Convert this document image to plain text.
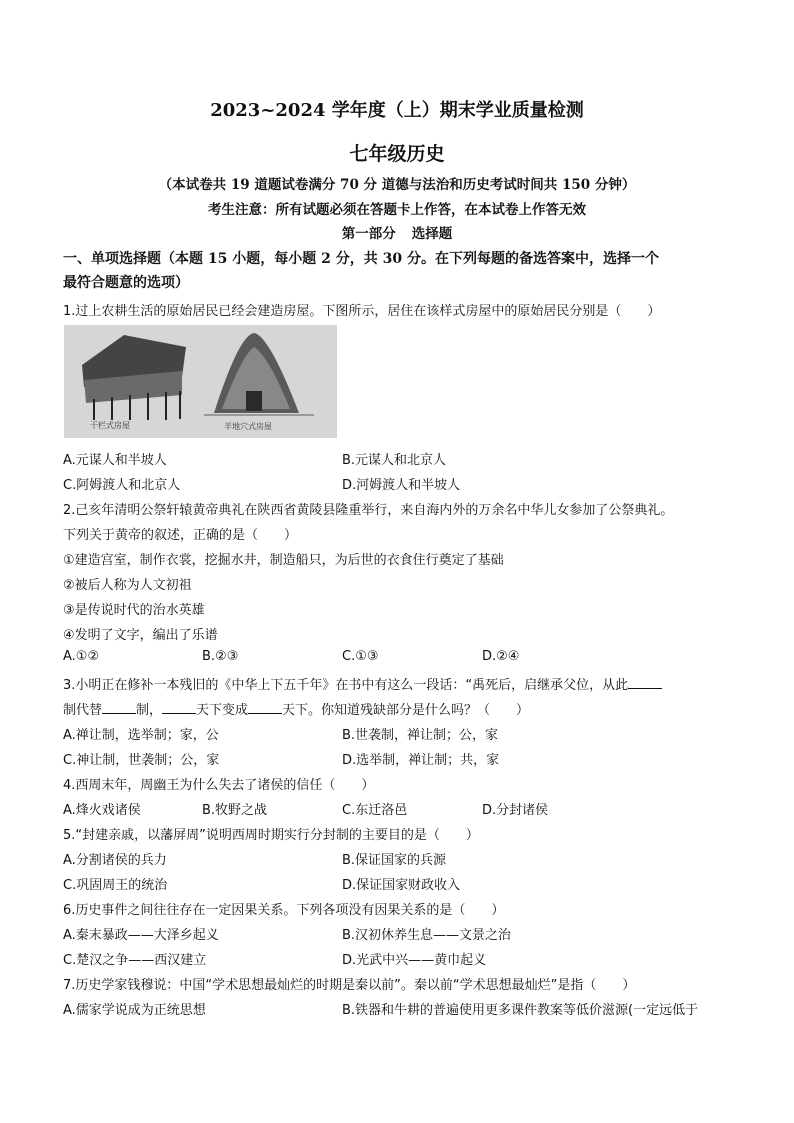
2023~2024 学年度（上）期末学业质量检测
七年级历史
（本试卷共 19 道题试卷满分 70 分 道德与法治和历史考试时间共 150 分钟）
考生注意：所有试题必须在答题卡上作答，在本试卷上作答无效
第一部分 选择题
一、单项选择题（本题 15 小题，每小题 2 分，共 30 分。在下列每题的备选答案中，选择一个
最符合题意的选项）
1.过上农耕生活的原始居民已经会建造房屋。下图所示，居住在该样式房屋中的原始居民分别是（　　）
干栏式房屋	半地穴式房屋
A.元谋人和半坡人	B.元谋人和北京人
C.阿姆渡人和北京人	D.河姆渡人和半坡人
2.己亥年清明公祭轩辕黄帝典礼在陕西省黄陵县隆重举行，来自海内外的万余名中华儿女参加了公祭典礼。
下列关于黄帝的叙述，正确的是（　　）
①建造宫室，制作衣裳，挖掘水井，制造船只，为后世的衣食住行奠定了基础
②被后人称为人文初祖
③是传说时代的治水英雄
④发明了文字，编出了乐谱
A.①②	B.②③	C.①③	D.②④
3.小明正在修补一本残旧的《中华上下五千年》在书中有这么一段话：“禹死后，启继承父位，从此
制代替	制，	天下变成	天下。你知道残缺部分是什么吗？（　　）
A.禅让制，选举制；家，公	B.世袭制，禅让制；公，家
C.神让制，世袭制；公，家	D.选举制，禅让制；共，家
4.西周末年，周幽王为什么失去了诸侯的信任（　　）
A.烽火戏诸侯	B.牧野之战	C.东迁洛邑	D.分封诸侯
5.“封建亲戚，以藩屏周”说明西周时期实行分封制的主要目的是（　　）
A.分割诸侯的兵力	B.保证国家的兵源
C.巩固周王的统治	D.保证国家财政收入
6.历史事件之间往往存在一定因果关系。下列各项没有因果关系的是（　　）
A.秦末暴政——大泽乡起义	B.汉初休养生息——文景之治
C.楚汉之争——西汉建立	D.光武中兴——黄巾起义
7.历史学家钱穆说：中国“学术思想最灿烂的时期是秦以前”。秦以前“学术思想最灿烂”是指（　　）
A.儒家学说成为正统思想	B.铁器和牛耕的普遍使用更多课件教案等低价滋源(一定远低于
